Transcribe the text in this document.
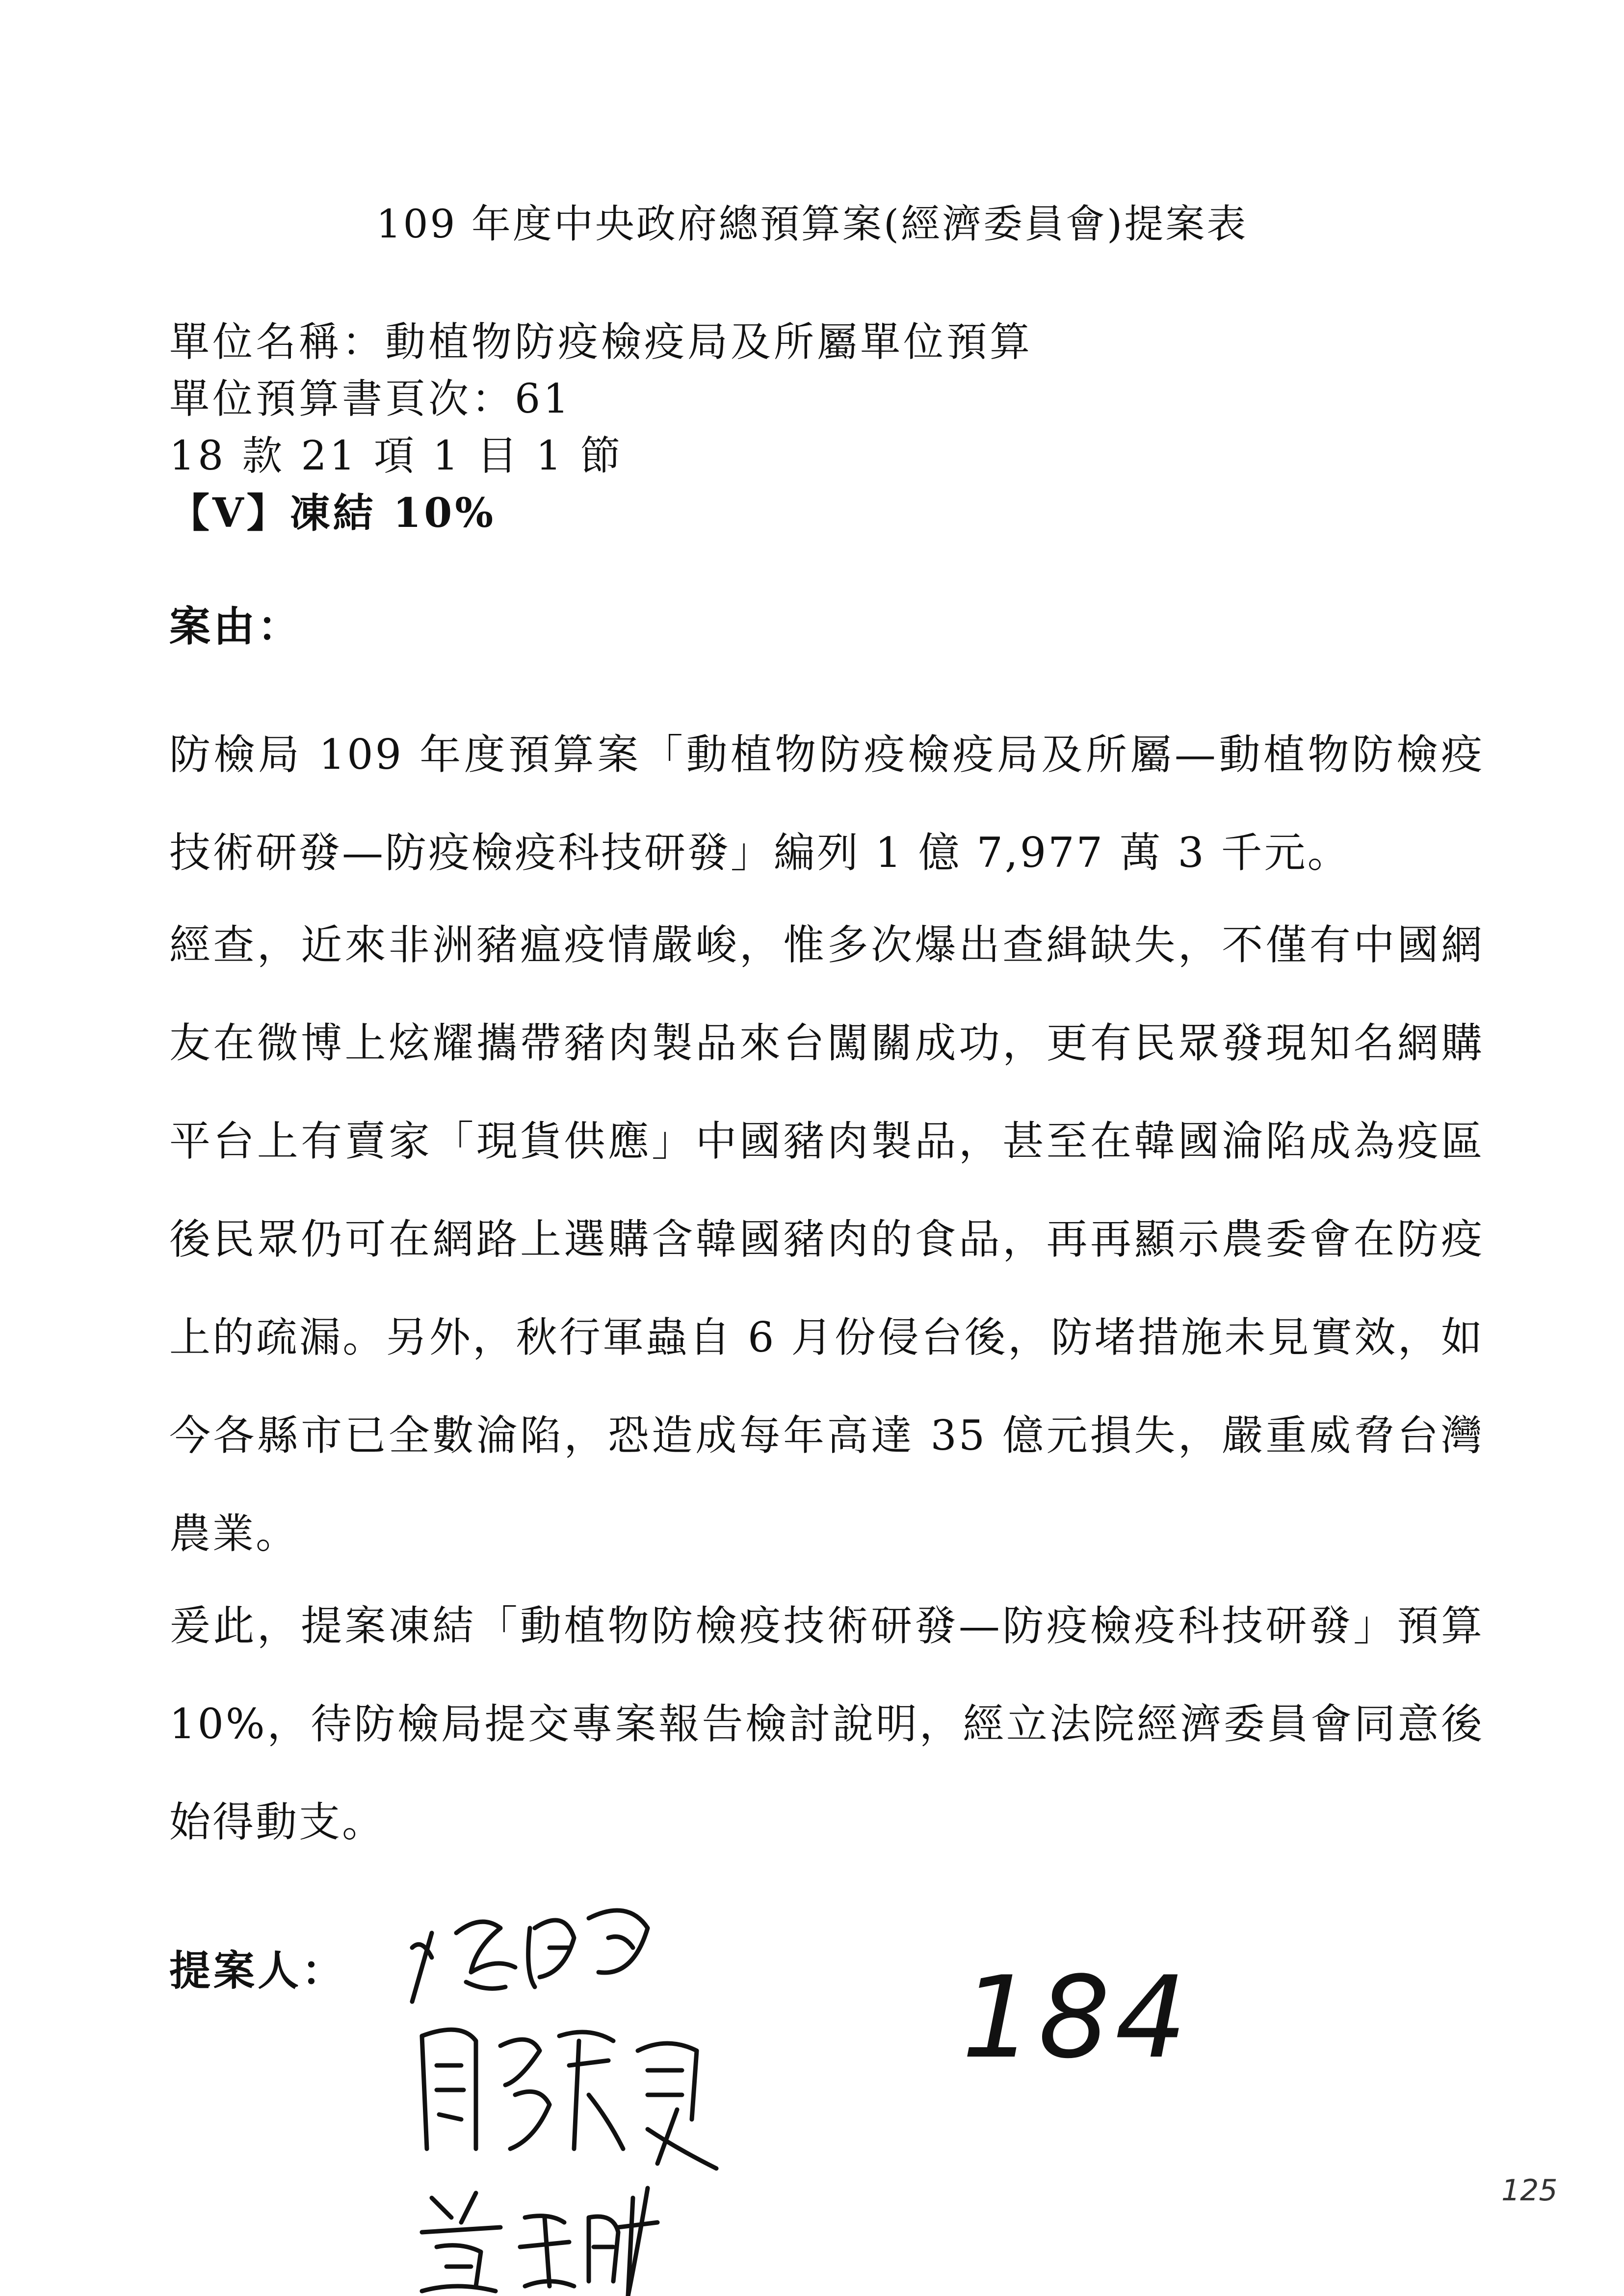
109 年度中央政府總預算案(經濟委員會)提案表
單位名稱：動植物防疫檢疫局及所屬單位預算
單位預算書頁次：61
18 款 21 項 1 目 1 節
【V】凍結 10%
案由：

防檢局 109 年度預算案「動植物防疫檢疫局及所屬—動植物防檢疫技術研發—防疫檢疫科技研發」編列 1 億 7,977 萬 3 千元。

經查，近來非洲豬瘟疫情嚴峻，惟多次爆出查緝缺失，不僅有中國網友在微博上炫耀攜帶豬肉製品來台闖關成功，更有民眾發現知名網購平台上有賣家「現貨供應」中國豬肉製品，甚至在韓國淪陷成為疫區後民眾仍可在網路上選購含韓國豬肉的食品，再再顯示農委會在防疫上的疏漏。另外，秋行軍蟲自 6 月份侵台後，防堵措施未見實效，如今各縣市已全數淪陷，恐造成每年高達 35 億元損失，嚴重威脅台灣農業。

爰此，提案凍結「動植物防檢疫技術研發—防疫檢疫科技研發」預算 10%，待防檢局提交專案報告檢討說明，經立法院經濟委員會同意後始得動支。

提案人：	184
125
